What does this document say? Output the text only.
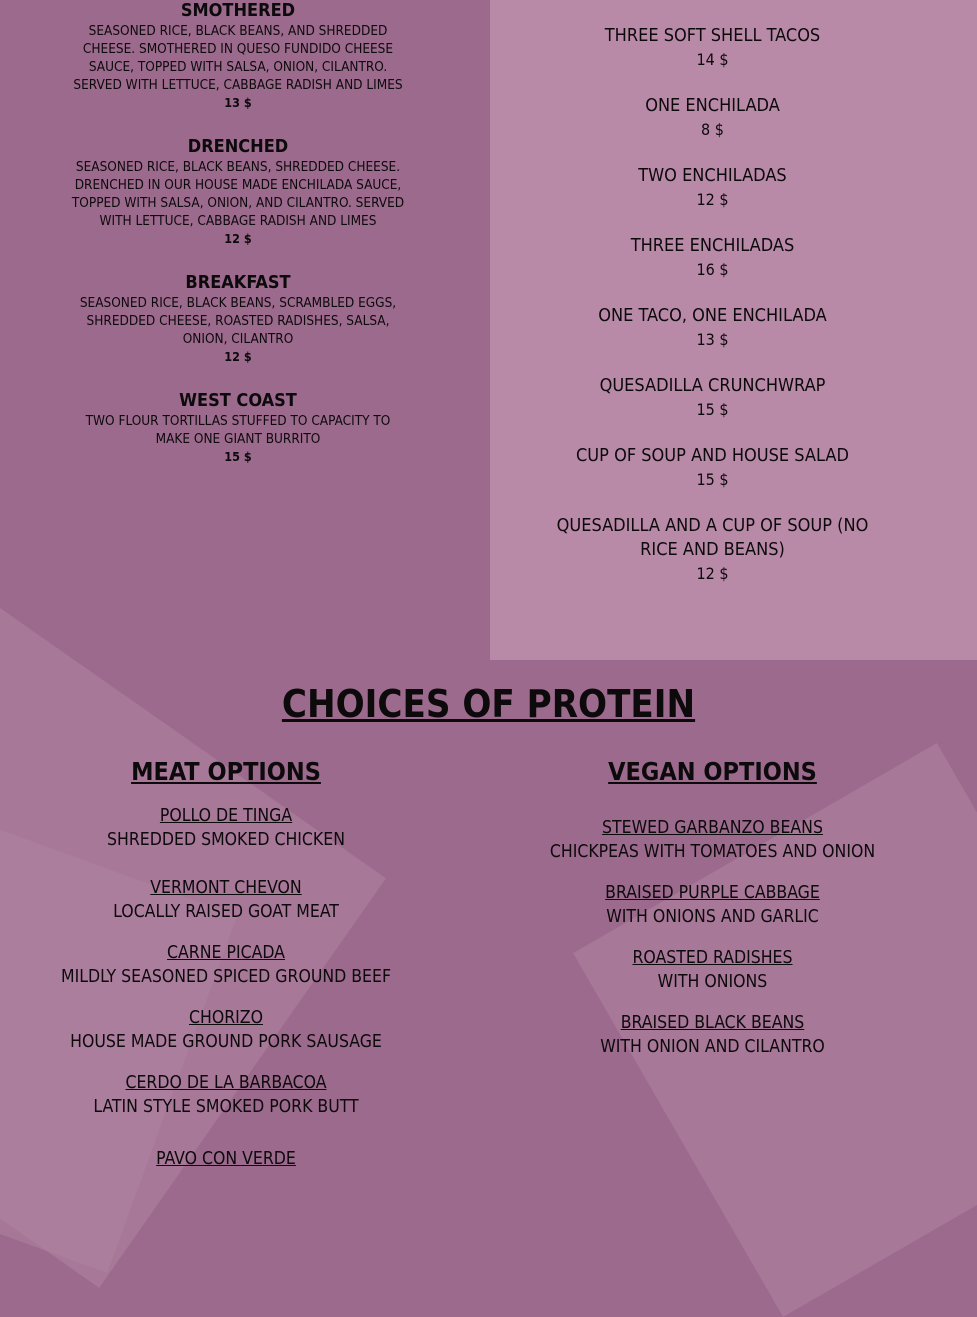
SMOTHERED
SEASONED RICE, BLACK BEANS, AND SHREDDED CHEESE. SMOTHERED IN QUESO FUNDIDO CHEESE SAUCE, TOPPED WITH SALSA, ONION, CILANTRO. SERVED WITH LETTUCE, CABBAGE RADISH AND LIMES
13 $
DRENCHED
SEASONED RICE, BLACK BEANS, SHREDDED CHEESE. DRENCHED IN OUR HOUSE MADE ENCHILADA SAUCE, TOPPED WITH SALSA, ONION, AND CILANTRO. SERVED WITH LETTUCE, CABBAGE RADISH AND LIMES
12 $
BREAKFAST
SEASONED RICE, BLACK BEANS, SCRAMBLED EGGS, SHREDDED CHEESE, ROASTED RADISHES, SALSA, ONION, CILANTRO
12 $
WEST COAST
TWO FLOUR TORTILLAS STUFFED TO CAPACITY TO MAKE ONE GIANT BURRITO
15 $
THREE SOFT SHELL TACOS
14 $
ONE ENCHILADA
8 $
TWO ENCHILADAS
12 $
THREE ENCHILADAS
16 $
ONE TACO, ONE ENCHILADA
13 $
QUESADILLA CRUNCHWRAP
15 $
CUP OF SOUP AND HOUSE SALAD
15 $
QUESADILLA AND A CUP OF SOUP (NO RICE AND BEANS)
12 $
CHOICES OF PROTEIN
MEAT OPTIONS
POLLO DE TINGA
SHREDDED SMOKED CHICKEN
VERMONT CHEVON
LOCALLY RAISED GOAT MEAT
CARNE PICADA
MILDLY SEASONED SPICED GROUND BEEF
CHORIZO
HOUSE MADE GROUND PORK SAUSAGE
CERDO DE LA BARBACOA
LATIN STYLE SMOKED PORK BUTT
PAVO CON VERDE
VEGAN OPTIONS
STEWED GARBANZO BEANS
CHICKPEAS WITH TOMATOES AND ONION
BRAISED PURPLE CABBAGE
WITH ONIONS AND GARLIC
ROASTED RADISHES
WITH ONIONS
BRAISED BLACK BEANS
WITH ONION AND CILANTRO
